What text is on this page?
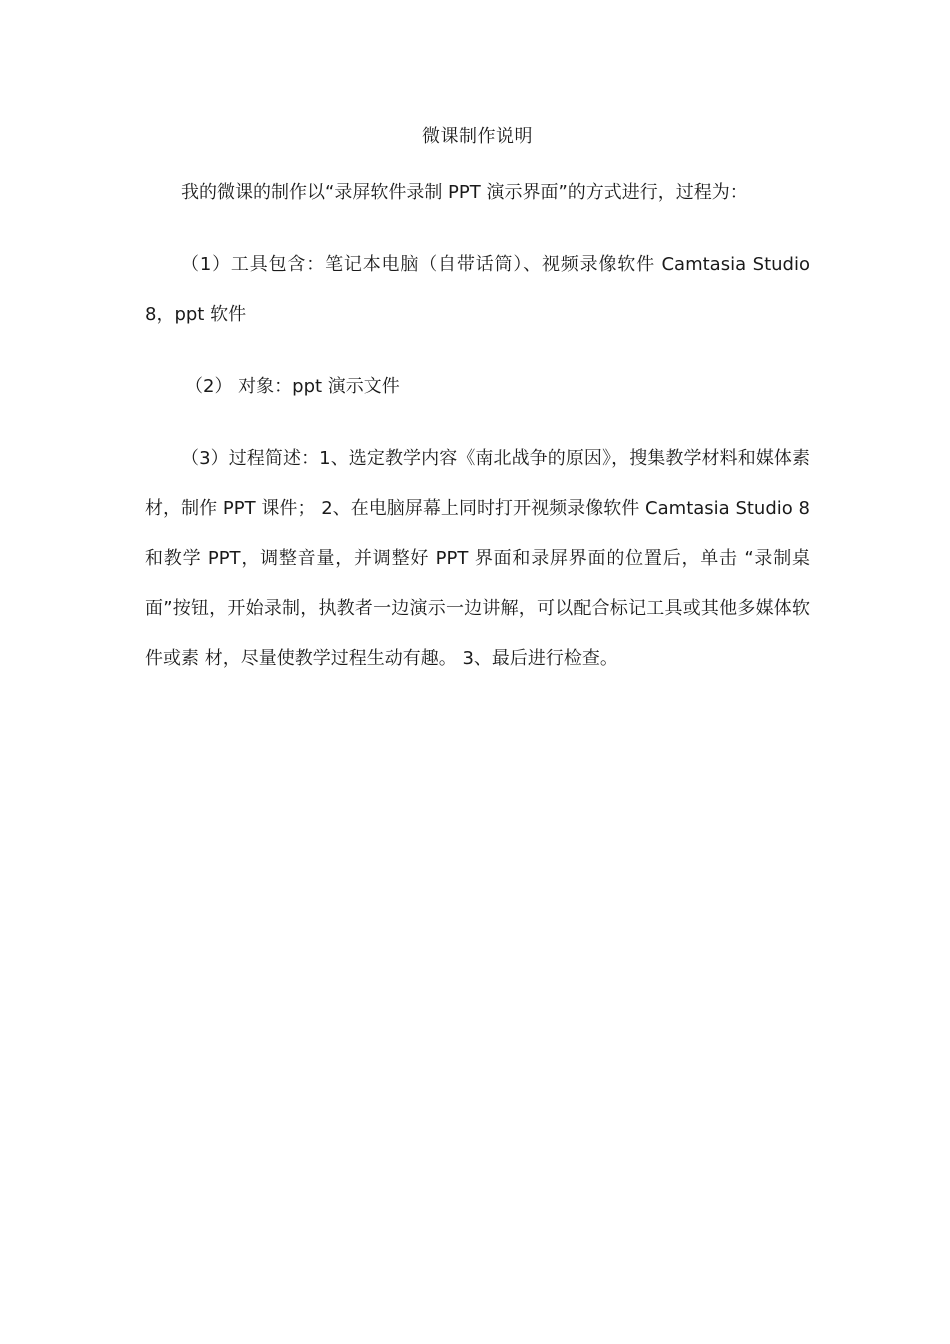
微课制作说明

我的微课的制作以“录屏软件录制 PPT 演示界面”的方式进行，过程为：

（1）工具包含：笔记本电脑（自带话筒）、视频录像软件 Camtasia Studio 8，ppt 软件

（2） 对象：ppt 演示文件

（3）过程简述：1、选定教学内容《南北战争的原因》，搜集教学材料和媒体素材，制作 PPT 课件； 2、在电脑屏幕上同时打开视频录像软件 Camtasia Studio 8 和教学 PPT，调整音量，并调整好 PPT 界面和录屏界面的位置后，单击 “录制桌 面”按钮，开始录制，执教者一边演示一边讲解，可以配合标记工具或其他多媒体软件或素 材，尽量使教学过程生动有趣。 3、最后进行检查。
